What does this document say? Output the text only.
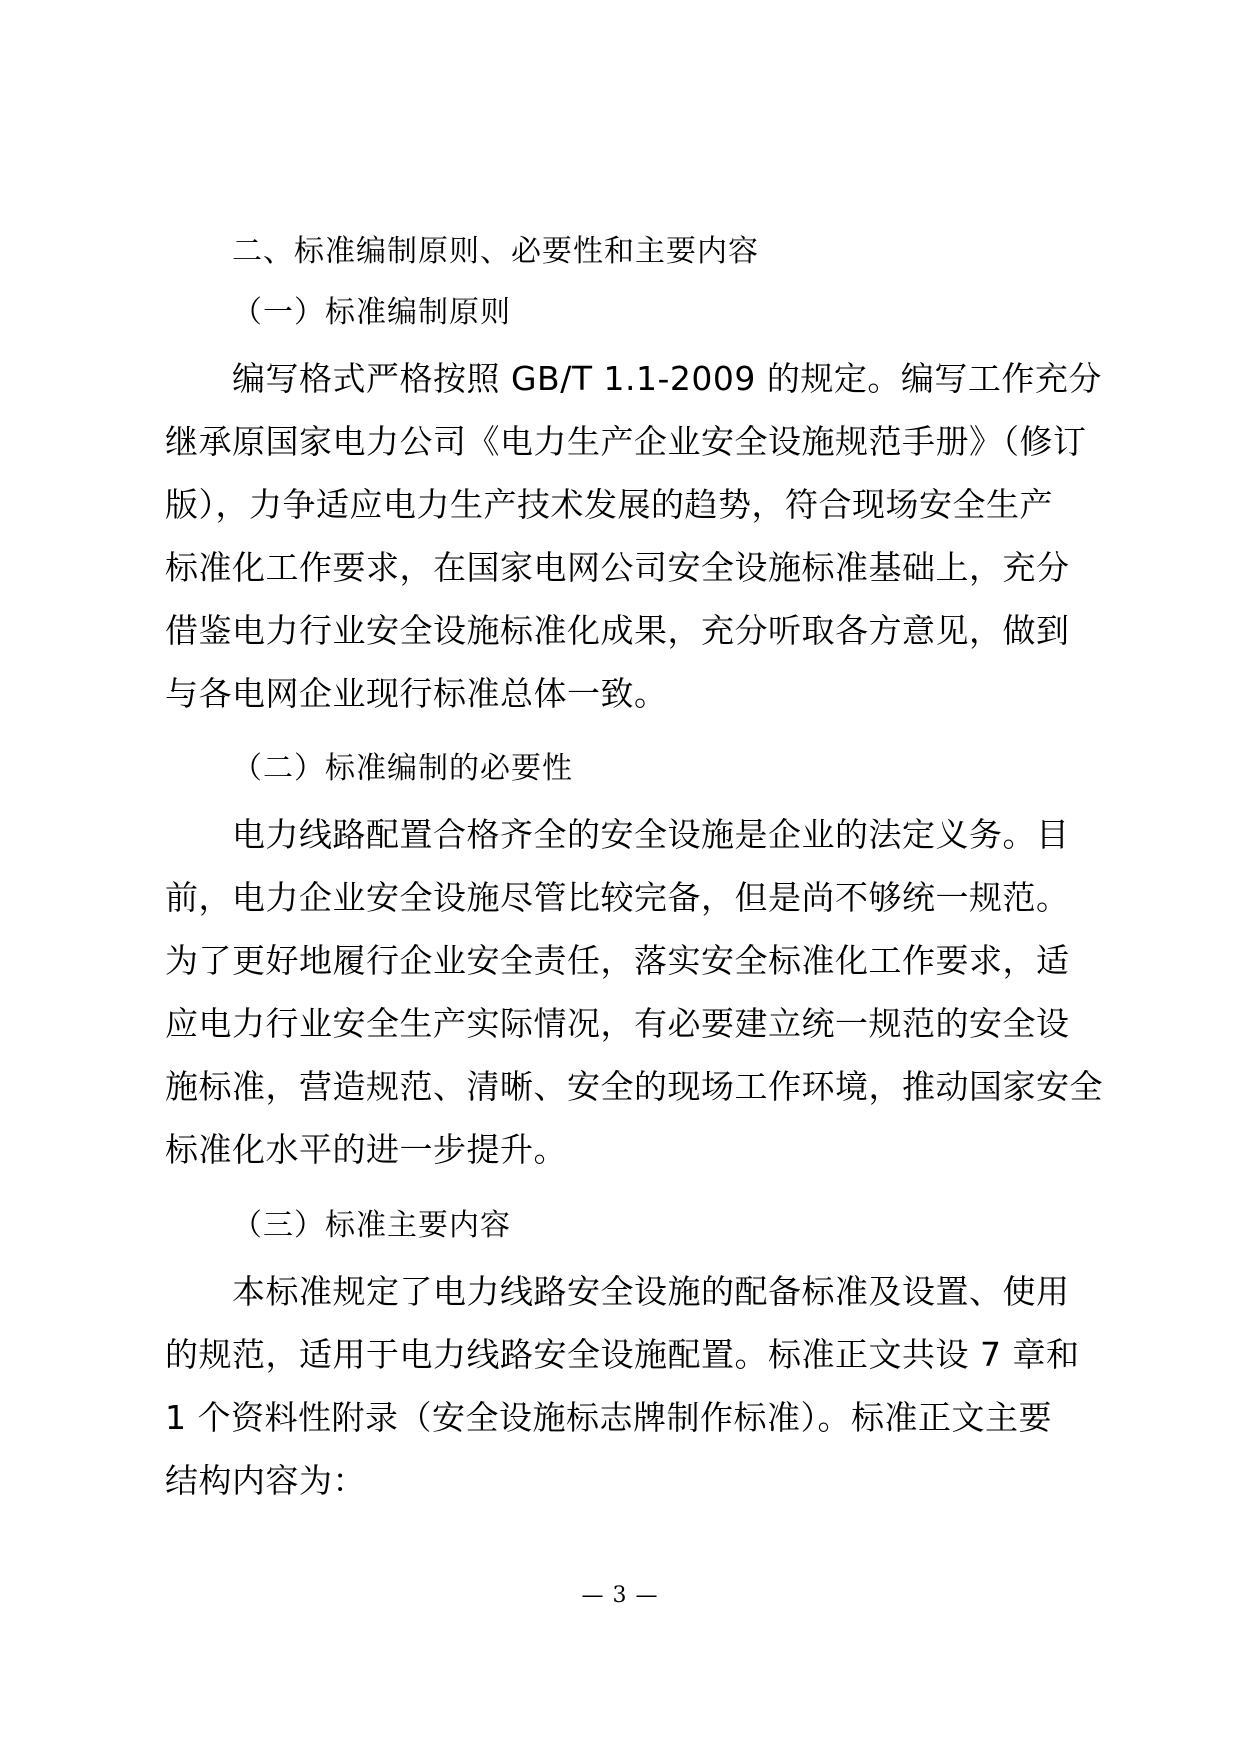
二、标准编制原则、必要性和主要内容
（一）标准编制原则
编写格式严格按照 GB/T 1.1-2009 的规定。编写工作充分
继承原国家电力公司《电力生产企业安全设施规范手册》（修订
版），力争适应电力生产技术发展的趋势，符合现场安全生产
标准化工作要求，在国家电网公司安全设施标准基础上，充分
借鉴电力行业安全设施标准化成果，充分听取各方意见，做到
与各电网企业现行标准总体一致。
（二）标准编制的必要性
电力线路配置合格齐全的安全设施是企业的法定义务。目
前，电力企业安全设施尽管比较完备，但是尚不够统一规范。
为了更好地履行企业安全责任，落实安全标准化工作要求，适
应电力行业安全生产实际情况，有必要建立统一规范的安全设
施标准，营造规范、清晰、安全的现场工作环境，推动国家安全
标准化水平的进一步提升。
（三）标准主要内容
本标准规定了电力线路安全设施的配备标准及设置、使用
的规范，适用于电力线路安全设施配置。标准正文共设 7 章和
1 个资料性附录（安全设施标志牌制作标准）。标准正文主要
结构内容为：
— 3 —
